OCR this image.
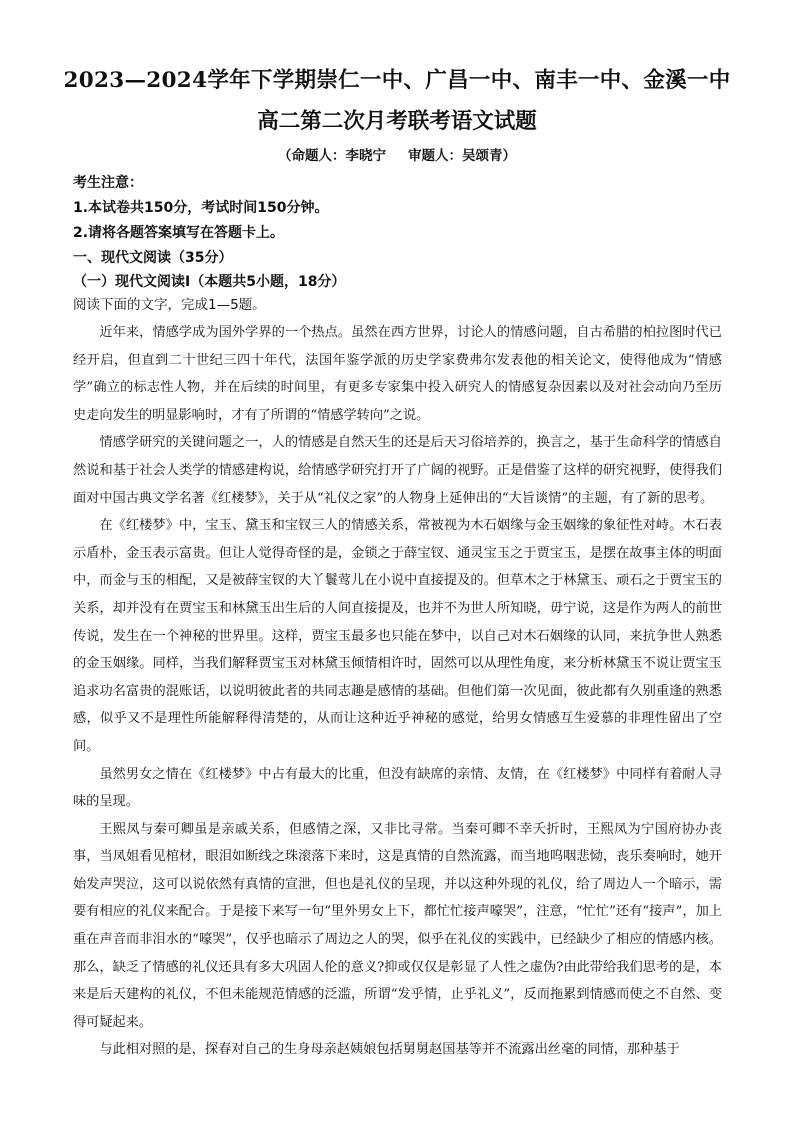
2023—2024学年下学期崇仁一中、广昌一中、南丰一中、金溪一中
高二第二次月考联考语文试题
（命题人：李晓宁 审题人：吴颂青）
考生注意：
1.本试卷共150分，考试时间150分钟。
2.请将各题答案填写在答题卡上。
一、现代文阅读（35分）
（一）现代文阅读Ⅰ（本题共5小题，18分）
阅读下面的文字，完成1—5题。

近年来，情感学成为国外学界的一个热点。虽然在西方世界，讨论人的情感问题，自古希腊的柏拉图时代已经开启，但直到二十世纪三四十年代，法国年鉴学派的历史学家费弗尔发表他的相关论文，使得他成为“情感学”确立的标志性人物，并在后续的时间里，有更多专家集中投入研究人的情感复杂因素以及对社会动向乃至历史走向发生的明显影响时，才有了所谓的“情感学转向”之说。

情感学研究的关键问题之一，人的情感是自然天生的还是后天习俗培养的，换言之，基于生命科学的情感自然说和基于社会人类学的情感建构说，给情感学研究打开了广阔的视野。正是借鉴了这样的研究视野，使得我们面对中国古典文学名著《红楼梦》，关于从“礼仪之家”的人物身上延伸出的“大旨谈情”的主题，有了新的思考。

在《红楼梦》中，宝玉、黛玉和宝钗三人的情感关系，常被视为木石姻缘与金玉姻缘的象征性对峙。木石表示盾朴，金玉表示富贵。但让人觉得奇怪的是，金锁之于薛宝钗、通灵宝玉之于贾宝玉，是摆在故事主体的明面中，而金与玉的相配，又是被薛宝钗的大丫鬟莺儿在小说中直接提及的。但草木之于林黛玉、顽石之于贾宝玉的关系，却并没有在贾宝玉和林黛玉出生后的人间直接提及，也并不为世人所知晓，毋宁说，这是作为两人的前世传说，发生在一个神秘的世界里。这样，贾宝玉最多也只能在梦中，以自己对木石姻缘的认同，来抗争世人熟悉的金玉姻缘。同样，当我们解释贾宝玉对林黛玉倾情相许时，固然可以从理性角度，来分析林黛玉不说让贾宝玉追求功名富贵的混账话，以说明彼此者的共同志趣是感情的基础。但他们第一次见面，彼此都有久别重逢的熟悉感，似乎又不是理性所能解释得清楚的，从而让这种近乎神秘的感觉，给男女情感互生爱慕的非理性留出了空间。

虽然男女之情在《红楼梦》中占有最大的比重，但没有缺席的亲情、友情，在《红楼梦》中同样有着耐人寻味的呈现。

王熙凤与秦可卿虽是亲戚关系，但感情之深，又非比寻常。当秦可卿不幸夭折时，王熙凤为宁国府协办丧事，当凤姐看见棺材，眼泪如断线之珠滚落下来时，这是真情的自然流露，而当地呜咽悲恸，丧乐奏响时，她开始发声哭泣，这可以说依然有真情的宣泄，但也是礼仪的呈现，并以这种外现的礼仪，给了周边人一个暗示，需要有相应的礼仪来配合。于是接下来写一句“里外男女上下，都忙忙接声嚎哭”，注意，“忙忙”还有“接声”，加上重在声音而非泪水的“嚎哭”，仅乎也暗示了周边之人的哭，似乎在礼仪的实践中，已经缺少了相应的情感内核。那么，缺乏了情感的礼仪还具有多大巩固人伦的意义?抑或仅仅是彰显了人性之虚伪?由此带给我们思考的是，本来是后天建构的礼仪，不但未能规范情感的泛滥，所谓“发乎情，止乎礼义”，反而拖累到情感而使之不自然、变得可疑起来。

与此相对照的是，探春对自己的生身母亲赵姨娘包括舅舅赵国基等并不流露出丝毫的同情，那种基于
